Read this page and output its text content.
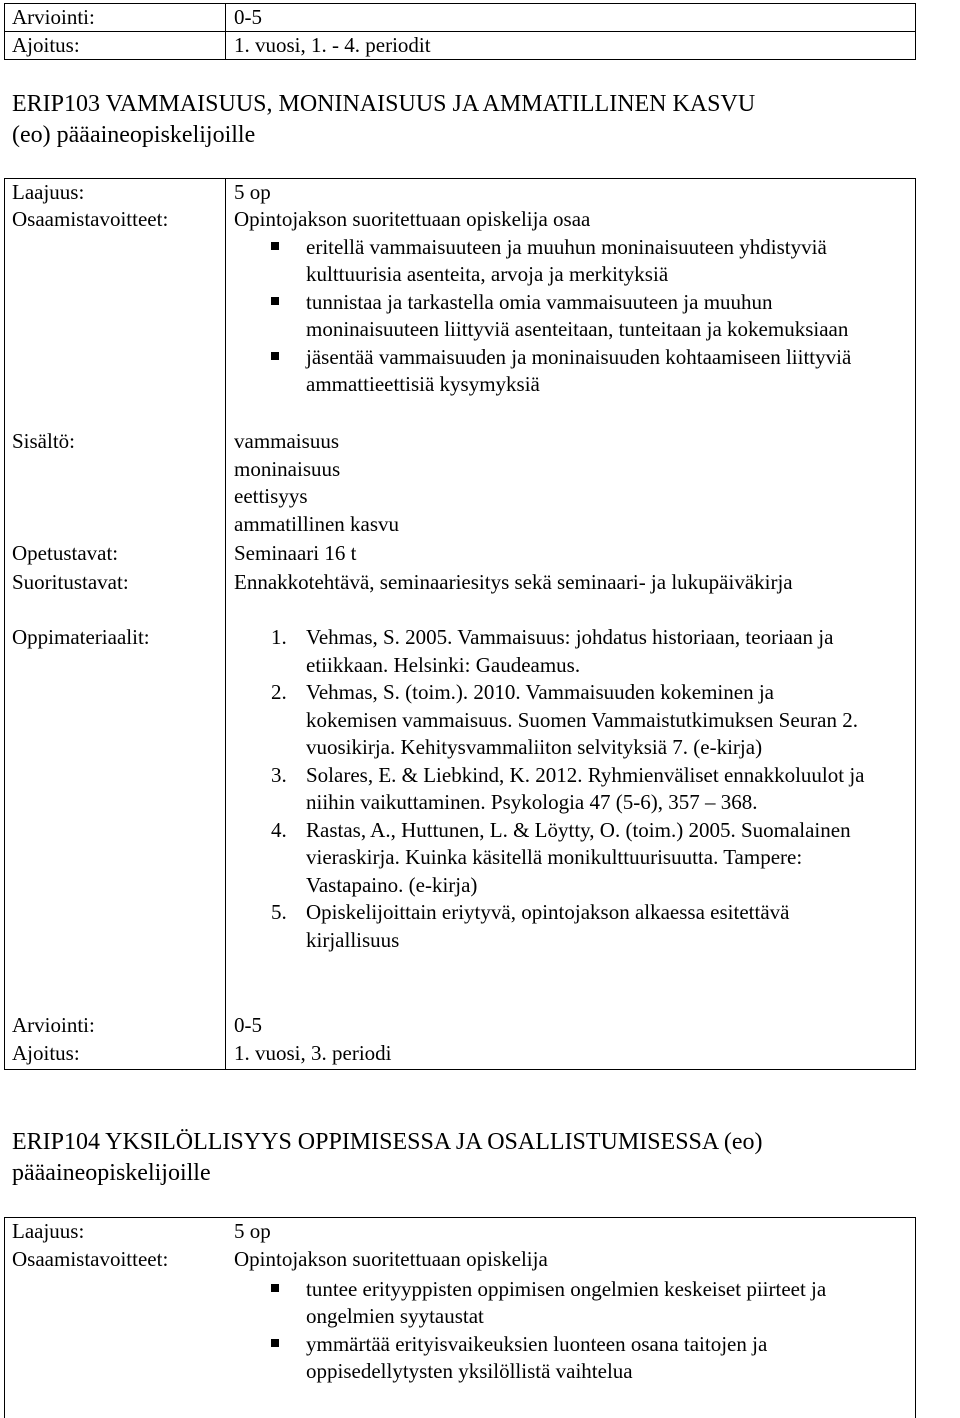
Arviointi:	0-5
Ajoitus:	1. vuosi, 1. - 4. periodit
ERIP103 VAMMAISUUS, MONINAISUUS JA AMMATILLINEN KASVU
(eo) pääaineopiskelijoille
Laajuus:	5 op
Osaamistavoitteet:	Opintojakson suoritettuaan opiskelija osaa
eritellä vammaisuuteen ja muuhun moninaisuuteen yhdistyviä kulttuurisia asenteita, arvoja ja merkityksiä
tunnistaa ja tarkastella omia vammaisuuteen ja muuhun moninaisuuteen liittyviä asenteitaan, tunteitaan ja kokemuksiaan
jäsentää vammaisuuden ja moninaisuuden kohtaamiseen liittyviä ammattieettisiä kysymyksiä
Sisältö:	vammaisuus
moninaisuus
eettisyys
ammatillinen kasvu
Opetustavat:	Seminaari 16 t
Suoritustavat:	Ennakkotehtävä, seminaariesitys sekä seminaari- ja lukupäiväkirja
Oppimateriaalit:	1. Vehmas, S. 2005. Vammaisuus: johdatus historiaan, teoriaan ja etiikkaan. Helsinki: Gaudeamus.
2. Vehmas, S. (toim.). 2010. Vammaisuuden kokeminen ja kokemisen vammaisuus. Suomen Vammaistutkimuksen Seuran 2. vuosikirja. Kehitysvammaliiton selvityksiä 7. (e-kirja)
3. Solares, E. & Liebkind, K. 2012. Ryhmienväliset ennakkoluulot ja niihin vaikuttaminen. Psykologia 47 (5-6), 357 – 368.
4. Rastas, A., Huttunen, L. & Löytty, O. (toim.) 2005. Suomalainen vieraskirja. Kuinka käsitellä monikulttuurisuutta. Tampere: Vastapaino. (e-kirja)
5. Opiskelijoittain eriytyvä, opintojakson alkaessa esitettävä kirjallisuus
Arviointi:	0-5
Ajoitus:	1. vuosi, 3. periodi
ERIP104 YKSILÖLLISYYS OPPIMISESSA JA OSALLISTUMISESSA (eo)
pääaineopiskelijoille
Laajuus:	5 op
Osaamistavoitteet:	Opintojakson suoritettuaan opiskelija
tuntee erityyppisten oppimisen ongelmien keskeiset piirteet ja ongelmien syytaustat
ymmärtää erityisvaikeuksien luonteen osana taitojen ja oppisedellytysten yksilöllistä vaihtelua
